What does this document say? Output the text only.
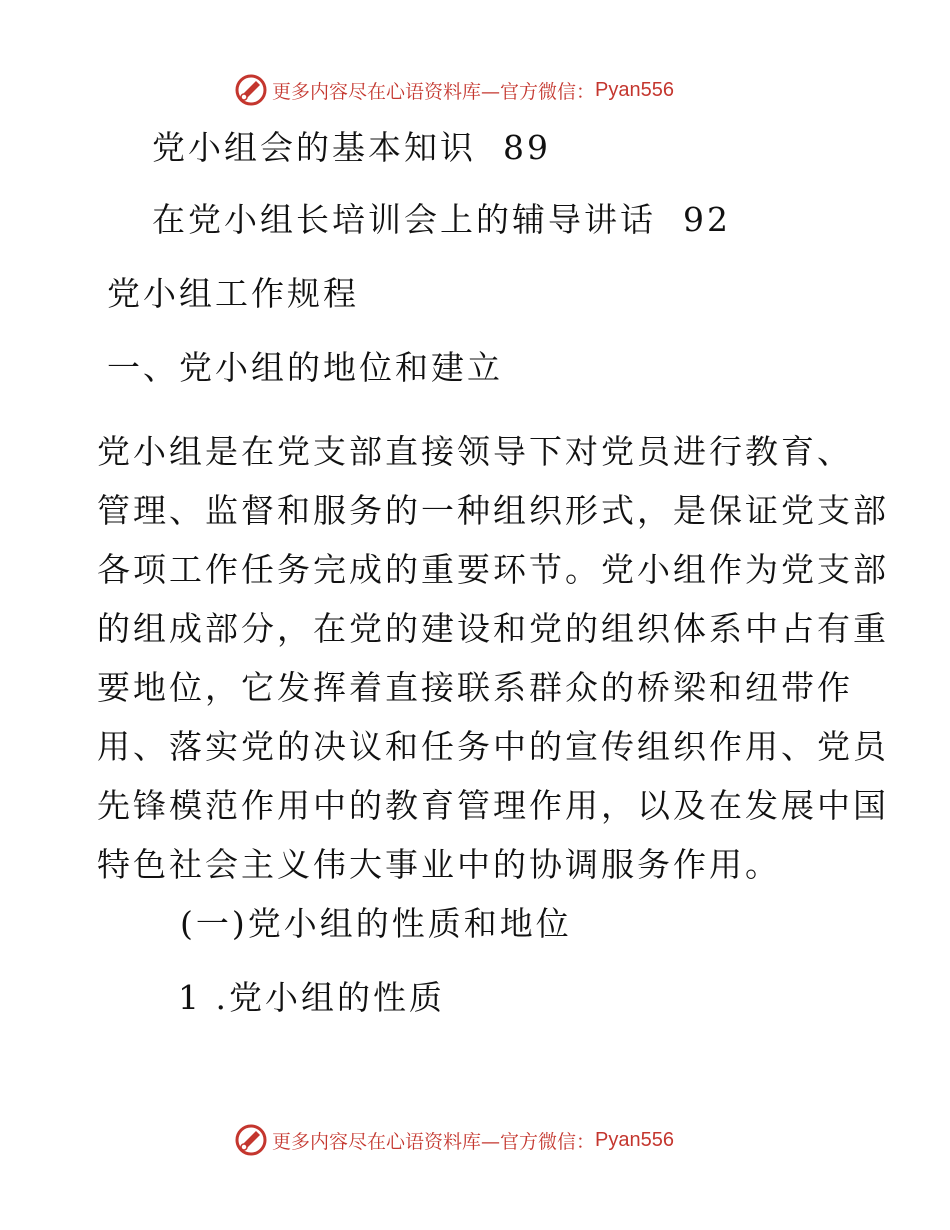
更多内容尽在心语资料库—官方微信： Pyan556
党小组会的基本知识 89
在党小组长培训会上的辅导讲话 92
党小组工作规程
一、党小组的地位和建立
党小组是在党支部直接领导下对党员进行教育、
管理、监督和服务的一种组织形式，是保证党支部
各项工作任务完成的重要环节。党小组作为党支部
的组成部分，在党的建设和党的组织体系中占有重
要地位，它发挥着直接联系群众的桥梁和纽带作
用、落实党的决议和任务中的宣传组织作用、党员
先锋模范作用中的教育管理作用，以及在发展中国
特色社会主义伟大事业中的协调服务作用。
(一)党小组的性质和地位
1 .党小组的性质
更多内容尽在心语资料库—官方微信： Pyan556
